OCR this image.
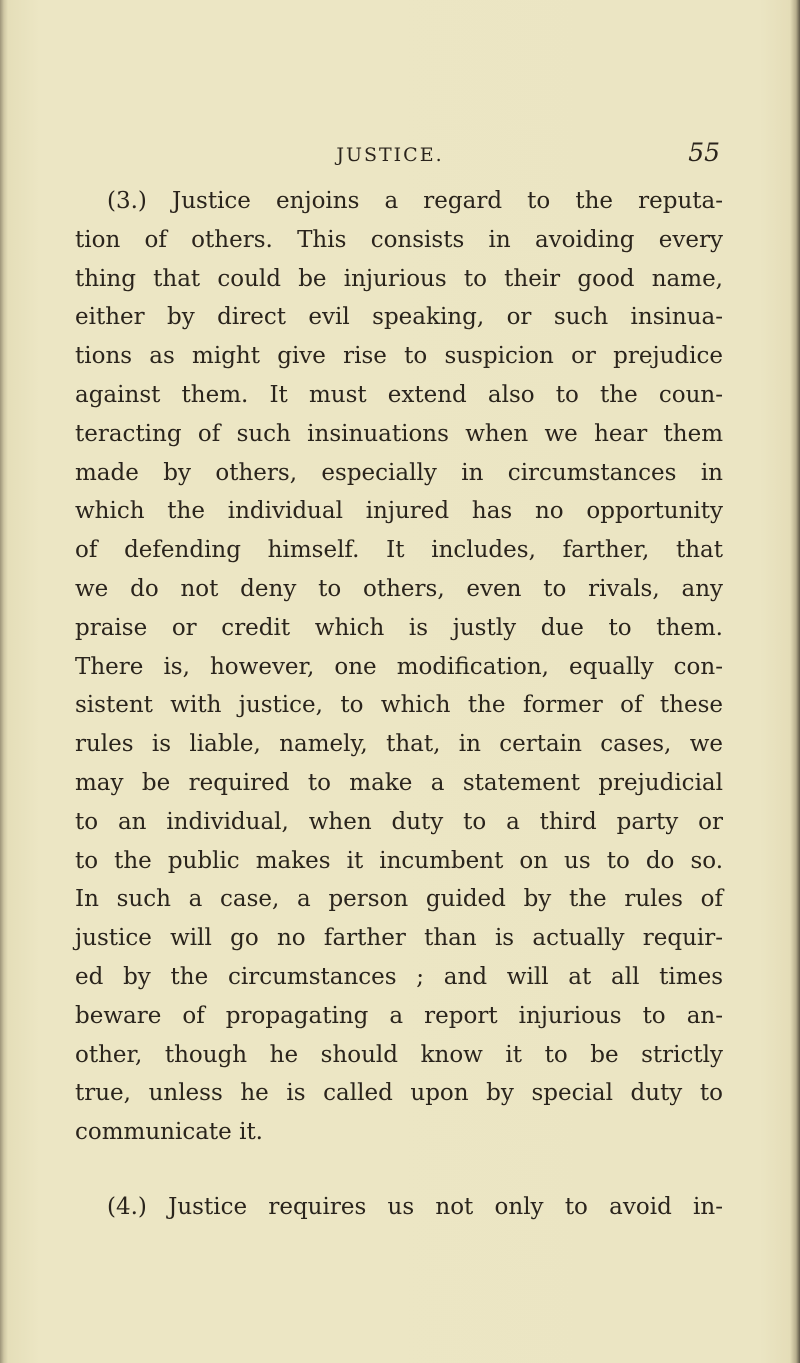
JUSTICE.	55
(3.) Justice enjoins a regard to the reputa-
tion of others. This consists in avoiding every
thing that could be injurious to their good name,
either by direct evil speaking, or such insinua-
tions as might give rise to suspicion or prejudice
against them. It must extend also to the coun-
teracting of such insinuations when we hear them
made by others, especially in circumstances in
which the individual injured has no opportunity
of defending himself. It includes, farther, that
we do not deny to others, even to rivals, any
praise or credit which is justly due to them.
There is, however, one modification, equally con-
sistent with justice, to which the former of these
rules is liable, namely, that, in certain cases, we
may be required to make a statement prejudicial
to an individual, when duty to a third party or
to the public makes it incumbent on us to do so.
In such a case, a person guided by the rules of
justice will go no farther than is actually requir-
ed by the circumstances ; and will at all times
beware of propagating a report injurious to an-
other, though he should know it to be strictly
true, unless he is called upon by special duty to
communicate it.
(4.) Justice requires us not only to avoid in-
